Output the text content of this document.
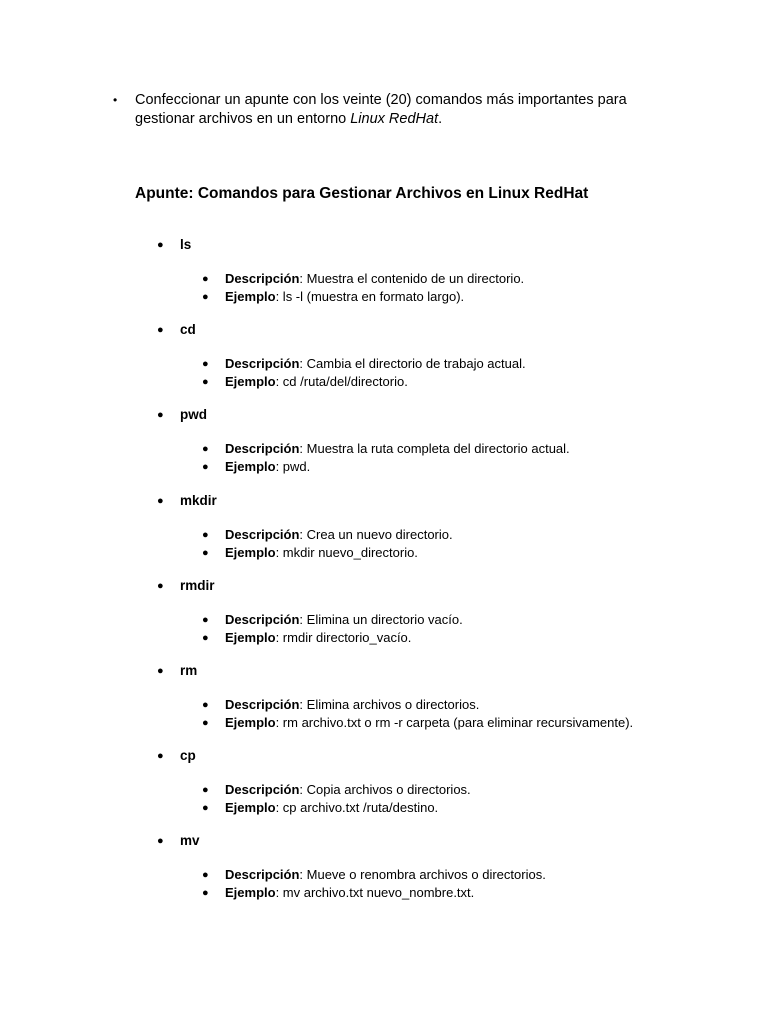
• Confeccionar un apunte con los veinte (20) comandos más importantes para gestionar archivos en un entorno Linux RedHat.
Apunte: Comandos para Gestionar Archivos en Linux RedHat
● ls
● Descripción: Muestra el contenido de un directorio.
● Ejemplo: ls -l (muestra en formato largo).
● cd
● Descripción: Cambia el directorio de trabajo actual.
● Ejemplo: cd /ruta/del/directorio.
● pwd
● Descripción: Muestra la ruta completa del directorio actual.
● Ejemplo: pwd.
● mkdir
● Descripción: Crea un nuevo directorio.
● Ejemplo: mkdir nuevo_directorio.
● rmdir
● Descripción: Elimina un directorio vacío.
● Ejemplo: rmdir directorio_vacío.
● rm
● Descripción: Elimina archivos o directorios.
● Ejemplo: rm archivo.txt o rm -r carpeta (para eliminar recursivamente).
● cp
● Descripción: Copia archivos o directorios.
● Ejemplo: cp archivo.txt /ruta/destino.
● mv
● Descripción: Mueve o renombra archivos o directorios.
● Ejemplo: mv archivo.txt nuevo_nombre.txt.
